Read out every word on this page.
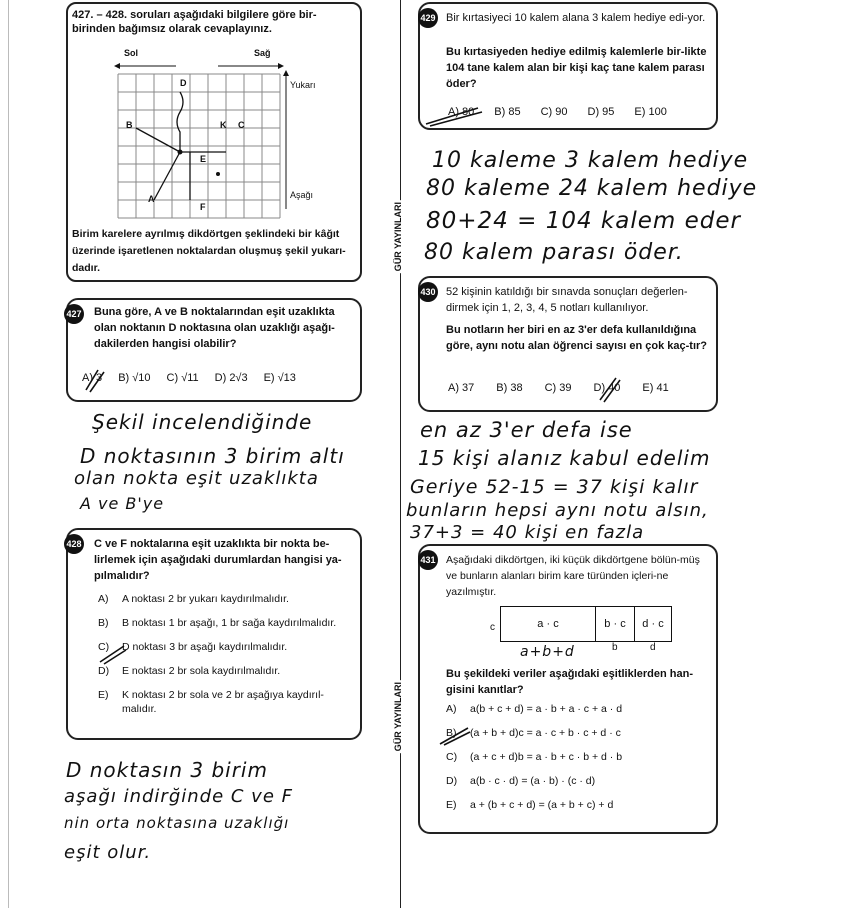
427. – 428. soruları aşağıdaki bilgilere göre bir-birinden bağımsız olarak cevaplayınız.
Sol	Sağ
Yukarı
Aşağı
D
B	K C
E
A
F
Birim karelere ayrılmış dikdörtgen şeklindeki bir kâğıt üzerinde işaretlenen noktalardan oluşmuş şekil yukarı-dadır.
427 Buna göre, A ve B noktalarından eşit uzaklıkta olan noktanın D noktasına olan uzaklığı aşağı-dakilerden hangisi olabilir?
A) 3 B) √10 C) √11 D) 2√3 E) √13
Şekil incelendiğinde
D noktasının 3 birim altı
olan nokta eşit uzaklıkta
A ve B'ye
428 C ve F noktalarına eşit uzaklıkta bir nokta be-lirlemek için aşağıdaki durumlardan hangisi ya-pılmalıdır?
A)	A noktası 2 br yukarı kaydırılmalıdır.
B)	B noktası 1 br aşağı, 1 br sağa kaydırılmalıdır.
C)	D noktası 3 br aşağı kaydırılmalıdır.
D)	E noktası 2 br sola kaydırılmalıdır.
E)	K noktası 2 br sola ve 2 br aşağıya kaydırıl-malıdır.
D noktasın 3 birim
aşağı indirğinde C ve F
nin orta noktasına uzaklığı
eşit olur.
GÜR YAYINLARI
GÜR YAYINLARI
429 Bir kırtasiyeci 10 kalem alana 3 kalem hediye edi-yor.
Bu kırtasiyeden hediye edilmiş kalemlerle bir-likte 104 tane kalem alan bir kişi kaç tane kalem parası öder?
A) 80 B) 85 C) 90 D) 95 E) 100
10 kaleme 3 kalem hediye
80 kaleme 24 kalem hediye
80+24 = 104 kalem eder
80 kalem parası öder.
430 52 kişinin katıldığı bir sınavda sonuçları değerlen-dirmek için 1, 2, 3, 4, 5 notları kullanılıyor.
Bu notların her biri en az 3'er defa kullanıldığına göre, aynı notu alan öğrenci sayısı en çok kaç-tır?
A) 37 B) 38 C) 39 D) 40 E) 41
en az 3'er defa ise
15 kişi alanız kabul edelim
Geriye 52-15 = 37 kişi kalır
bunların hepsi aynı notu alsın,
37+3 = 40 kişi en fazla
431 Aşağıdaki dikdörtgen, iki küçük dikdörtgene bölün-müş ve bunların alanları birim kare türünden içleri-ne yazılmıştır.
a · c	b · c	d · c
c
b	d
a+b+d
Bu şekildeki veriler aşağıdaki eşitliklerden han-gisini kanıtlar?
A)	a(b + c + d) = a · b + a · c + a · d
B)	(a + b + d)c = a · c + b · c + d · c
C)	(a + c + d)b = a · b + c · b + d · b
D)	a(b · c · d) = (a · b) · (c · d)
E)	a + (b + c + d) = (a + b + c) + d
